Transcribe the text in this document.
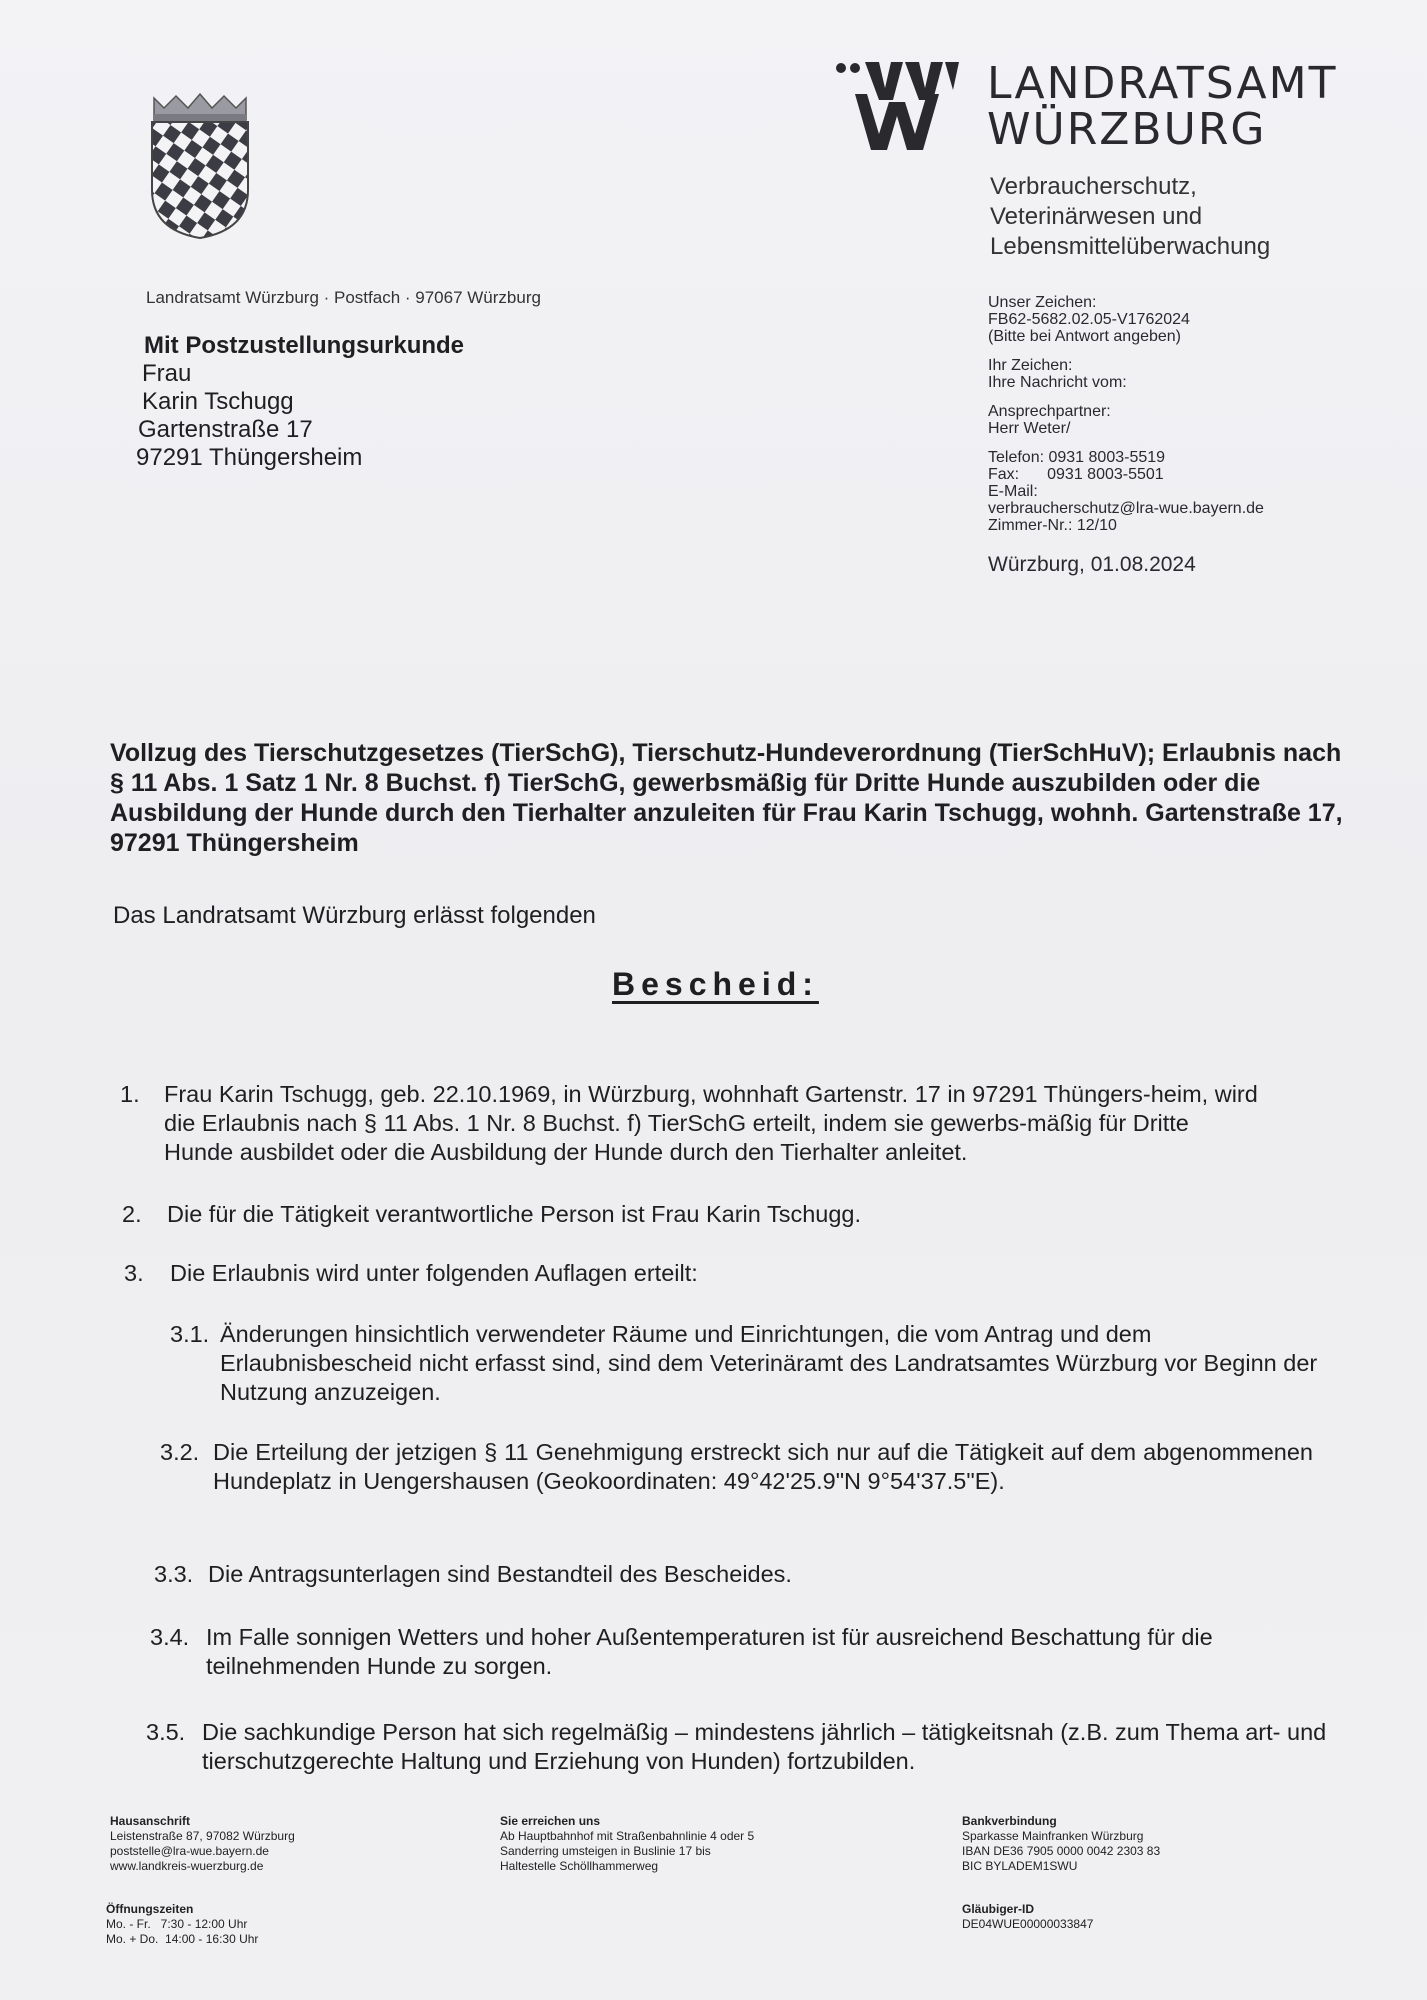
LANDRATSAMT
WÜRZBURG
Verbraucherschutz,
Veterinärwesen und
Lebensmittelüberwachung
Landratsamt Würzburg · Postfach · 97067 Würzburg
Mit Postzustellungsurkunde
Frau
Karin Tschugg
Gartenstraße 17
97291 Thüngersheim
Unser Zeichen:
FB62-5682.02.05-V1762024
(Bitte bei Antwort angeben)
Ihr Zeichen:
Ihre Nachricht vom:
Ansprechpartner:
Herr Weter/
Telefon: 0931 8003-5519
Fax: 0931 8003-5501
E-Mail:
verbraucherschutz@lra-wue.bayern.de
Zimmer-Nr.: 12/10
Würzburg, 01.08.2024
Vollzug des Tierschutzgesetzes (TierSchG), Tierschutz-Hundeverordnung (TierSchHuV); Erlaubnis nach § 11 Abs. 1 Satz 1 Nr. 8 Buchst. f) TierSchG, gewerbsmäßig für Dritte Hunde auszubilden oder die Ausbildung der Hunde durch den Tierhalter anzuleiten für Frau Karin Tschugg, wohnh. Gartenstraße 17, 97291 Thüngersheim
Das Landratsamt Würzburg erlässt folgenden
Bescheid:
1. Frau Karin Tschugg, geb. 22.10.1969, in Würzburg, wohnhaft Gartenstr. 17 in 97291 Thüngers-heim, wird die Erlaubnis nach § 11 Abs. 1 Nr. 8 Buchst. f) TierSchG erteilt, indem sie gewerbs-mäßig für Dritte Hunde ausbildet oder die Ausbildung der Hunde durch den Tierhalter anleitet.
2. Die für die Tätigkeit verantwortliche Person ist Frau Karin Tschugg.
3. Die Erlaubnis wird unter folgenden Auflagen erteilt:
3.1. Änderungen hinsichtlich verwendeter Räume und Einrichtungen, die vom Antrag und dem Erlaubnisbescheid nicht erfasst sind, sind dem Veterinäramt des Landratsamtes Würzburg vor Beginn der Nutzung anzuzeigen.
3.2. Die Erteilung der jetzigen § 11 Genehmigung erstreckt sich nur auf die Tätigkeit auf dem abgenommenen Hundeplatz in Uengershausen (Geokoordinaten: 49°42'25.9"N 9°54'37.5"E).
3.3. Die Antragsunterlagen sind Bestandteil des Bescheides.
3.4. Im Falle sonnigen Wetters und hoher Außentemperaturen ist für ausreichend Beschattung für die teilnehmenden Hunde zu sorgen.
3.5. Die sachkundige Person hat sich regelmäßig – mindestens jährlich – tätigkeitsnah (z.B. zum Thema art- und tierschutzgerechte Haltung und Erziehung von Hunden) fortzubilden.
Hausanschrift
Leistenstraße 87, 97082 Würzburg
poststelle@lra-wue.bayern.de
www.landkreis-wuerzburg.de
Öffnungszeiten
Mo. - Fr.   7:30 - 12:00 Uhr
Mo. + Do.  14:00 - 16:30 Uhr
Sie erreichen uns
Ab Hauptbahnhof mit Straßenbahnlinie 4 oder 5
Sanderring umsteigen in Buslinie 17 bis
Haltestelle Schöllhammerweg
Bankverbindung
Sparkasse Mainfranken Würzburg
IBAN DE36 7905 0000 0042 2303 83
BIC BYLADEM1SWU
Gläubiger-ID
DE04WUE00000033847
